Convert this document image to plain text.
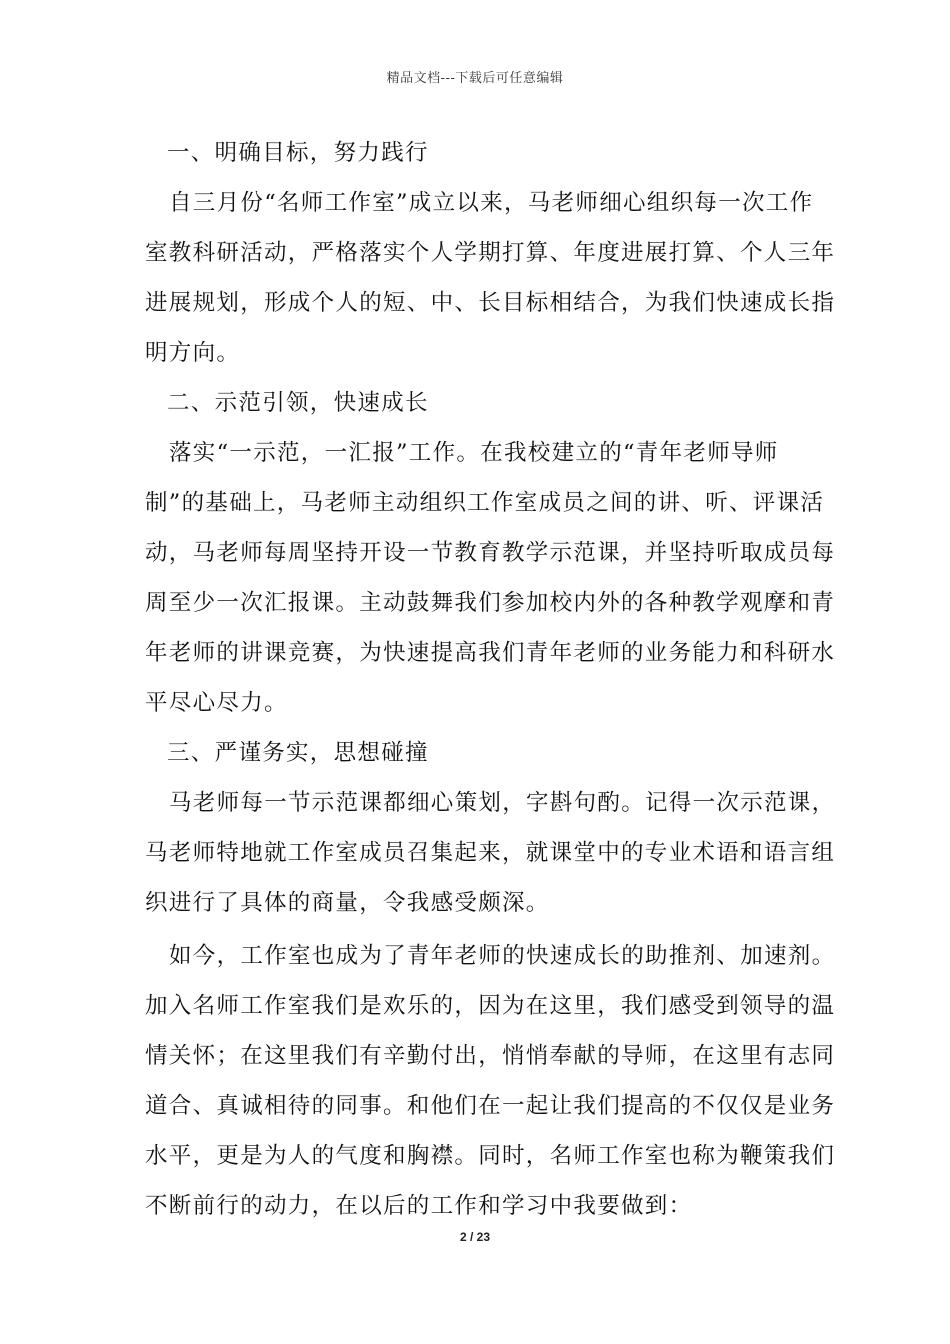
精品文档---下载后可任意编辑
一、明确目标，努力践行
自三月份“名师工作室”成立以来，马老师细心组织每一次工作
室教科研活动，严格落实个人学期打算、年度进展打算、个人三年
进展规划，形成个人的短、中、长目标相结合，为我们快速成长指
明方向。
二、示范引领，快速成长
落实“一示范，一汇报”工作。在我校建立的“青年老师导师
制”的基础上，马老师主动组织工作室成员之间的讲、听、评课活
动，马老师每周坚持开设一节教育教学示范课，并坚持听取成员每
周至少一次汇报课。主动鼓舞我们参加校内外的各种教学观摩和青
年老师的讲课竞赛，为快速提高我们青年老师的业务能力和科研水
平尽心尽力。
三、严谨务实，思想碰撞
马老师每一节示范课都细心策划，字斟句酌。记得一次示范课，
马老师特地就工作室成员召集起来，就课堂中的专业术语和语言组
织进行了具体的商量，令我感受颇深。
如今，工作室也成为了青年老师的快速成长的助推剂、加速剂。
加入名师工作室我们是欢乐的，因为在这里，我们感受到领导的温
情关怀；在这里我们有辛勤付出，悄悄奉献的导师，在这里有志同
道合、真诚相待的同事。和他们在一起让我们提高的不仅仅是业务
水平，更是为人的气度和胸襟。同时，名师工作室也称为鞭策我们
不断前行的动力，在以后的工作和学习中我要做到：
2 / 23
